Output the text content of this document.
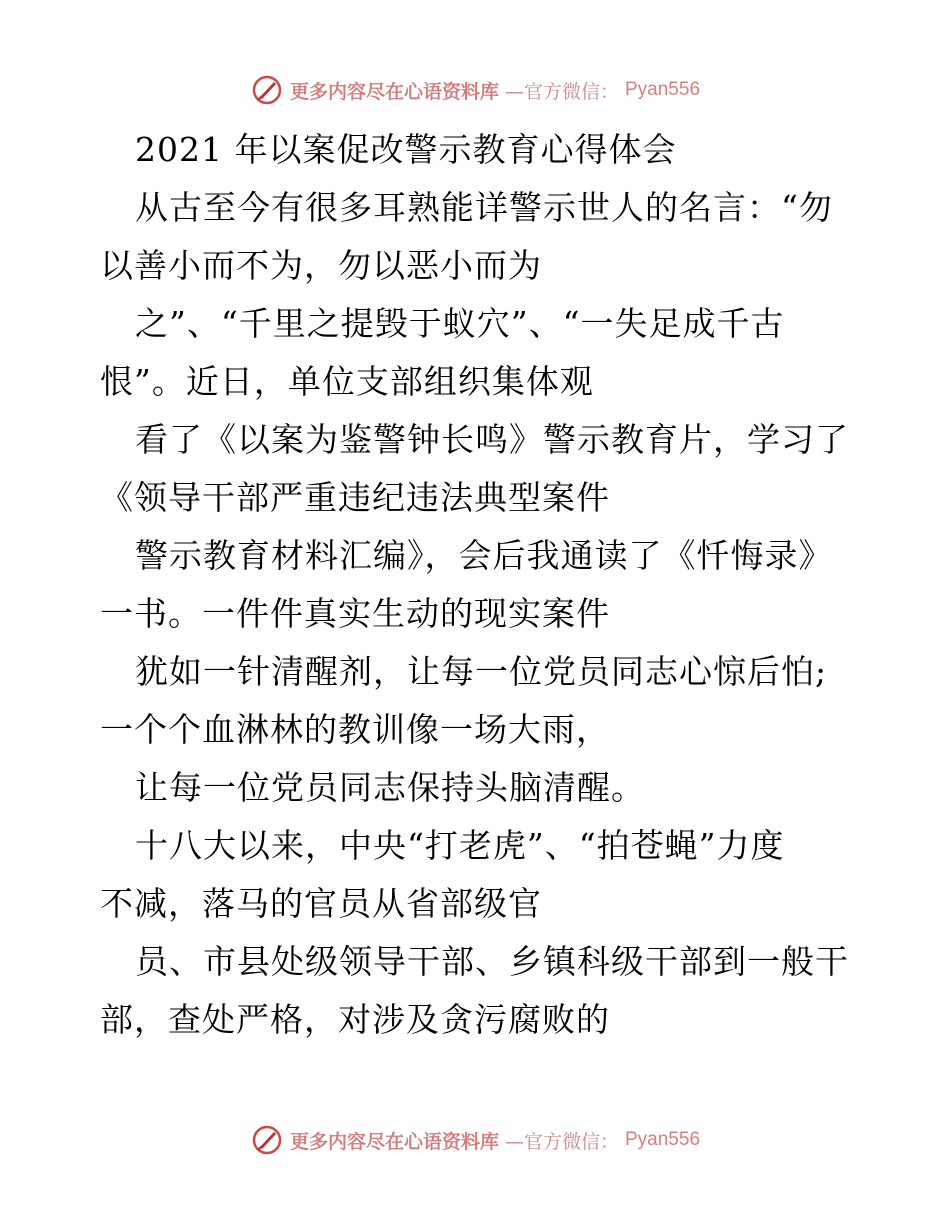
更多内容尽在心语资料库 —官方微信： Pyan556
2021 年以案促改警示教育心得体会
从古至今有很多耳熟能详警示世人的名言：“勿
以善小而不为，勿以恶小而为
之”、“千里之提毁于蚁穴”、“一失足成千古
恨”。近日，单位支部组织集体观
看了《以案为鉴警钟长鸣》警示教育片，学习了
《领导干部严重违纪违法典型案件
警示教育材料汇编》，会后我通读了《忏悔录》
一书。一件件真实生动的现实案件
犹如一针清醒剂，让每一位党员同志心惊后怕;
一个个血淋林的教训像一场大雨，
让每一位党员同志保持头脑清醒。
十八大以来，中央“打老虎”、“拍苍蝇”力度
不减，落马的官员从省部级官
员、市县处级领导干部、乡镇科级干部到一般干
部，查处严格，对涉及贪污腐败的
更多内容尽在心语资料库 —官方微信： Pyan556
